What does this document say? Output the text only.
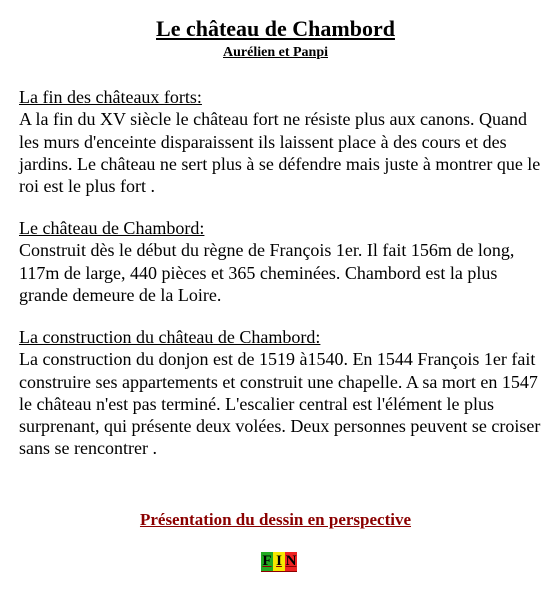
Le château de Chambord
Aurélien et Panpi
La fin des châteaux forts:
A la fin du XV siècle le château fort ne résiste plus aux canons. Quand les murs d'enceinte disparaissent ils laissent place à des cours et des jardins. Le château ne sert plus à se défendre mais juste à montrer que le roi est le plus fort .
Le château de Chambord:
Construit dès le début du règne de François 1er. Il fait 156m de long, 117m de large, 440 pièces et 365 cheminées. Chambord est la plus grande demeure de la Loire.
La construction du château de Chambord:
La construction du donjon est de 1519 à1540. En 1544 François 1er fait construire ses appartements et construit une chapelle. A sa mort en 1547 le château n'est pas terminé. L'escalier central est l'élément le plus surprenant, qui présente deux volées. Deux personnes peuvent se croiser sans se rencontrer .
Présentation du dessin en perspective
F I N
